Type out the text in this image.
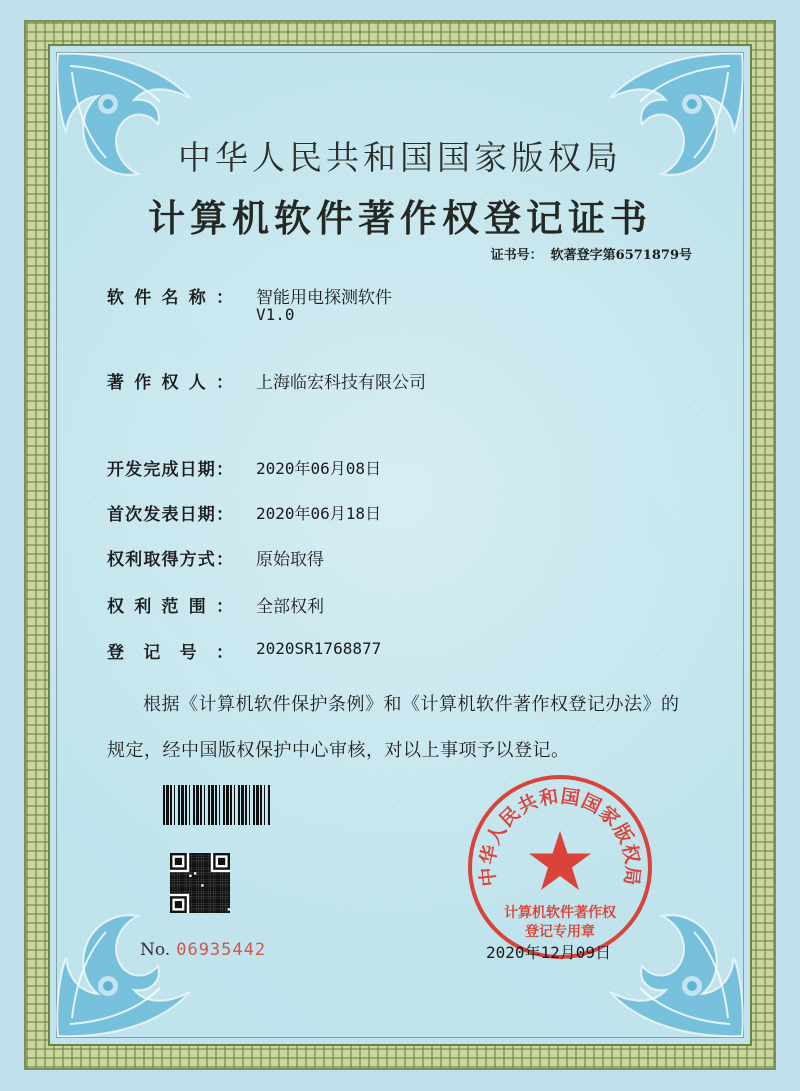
中华人民共和国国家版权局
计算机软件著作权登记证书
证书号： 软著登字第6571879号
软 件 名 称 ： 智能用电探测软件
V1.0
著 作 权 人 ： 上海临宏科技有限公司
开 发 完 成 日 期 ： 2020年06月08日
首 次 发 表 日 期 ： 2020年06月18日
权 利 取 得 方 式 ： 原始取得
权 利 范 围 ： 全部权利
登 记 号 ： 2020SR1768877
根据《计算机软件保护条例》和《计算机软件著作权登记办法》的
规定，经中国版权保护中心审核，对以上事项予以登记。
No. 06935442
中华人民共和国国家版权局
计算机软件著作权
登记专用章
2020年12月09日
